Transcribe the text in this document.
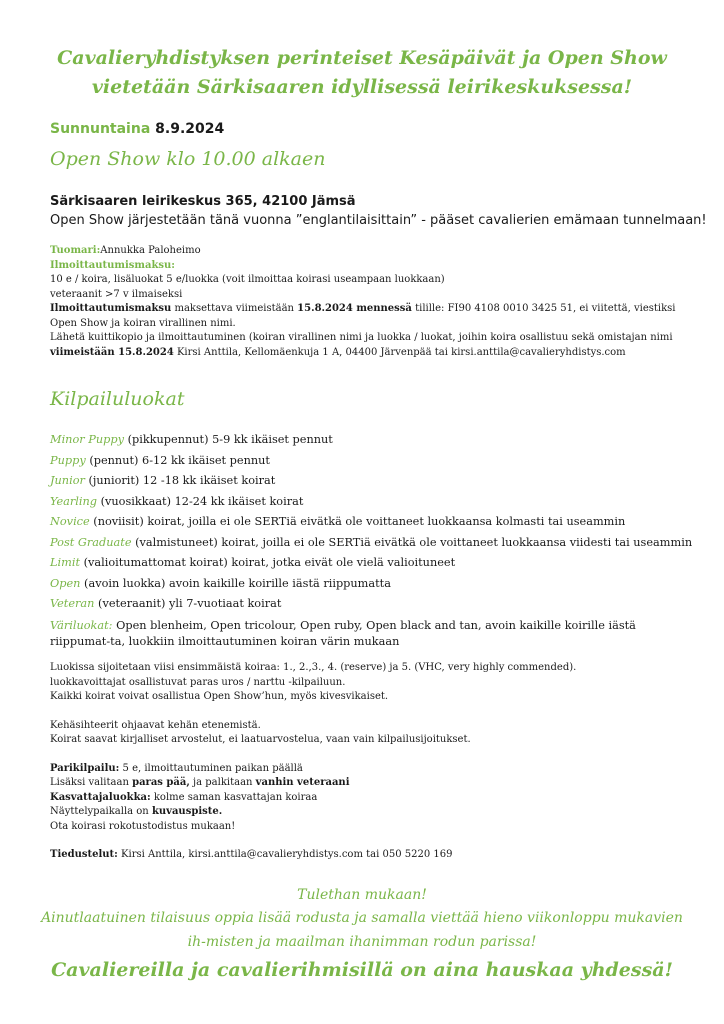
Cavalieryhdistyksen perinteiset Kesäpäivät ja Open Show
vietetään Särkisaaren idyllisessä leirikeskuksessa!
Sunnuntaina 8.9.2024
Open Show klo 10.00 alkaen
Särkisaaren leirikeskus 365, 42100 Jämsä
Open Show järjestetään tänä vuonna ”englantilaisittain” - pääset cavalierien emämaan tunnelmaan!
Tuomari:Annukka Paloheimo
Ilmoittautumismaksu:
10 e / koira, lisäluokat 5 e/luokka (voit ilmoittaa koirasi useampaan luokkaan)
veteraanit >7 v ilmaiseksi
Ilmoittautumismaksu maksettava viimeistään 15.8.2024 mennessä tilille: FI90 4108 0010 3425 51, ei viitettä, viestiksi
Open Show ja koiran virallinen nimi.
Lähetä kuittikopio ja ilmoittautuminen (koiran virallinen nimi ja luokka / luokat, joihin koira osallistuu sekä omistajan nimi
viimeistään 15.8.2024 Kirsi Anttila, Kellomäenkuja 1 A, 04400 Järvenpää tai kirsi.anttila@cavalieryhdistys.com
Kilpailuluokat
Minor Puppy (pikkupennut) 5-9 kk ikäiset pennut
Puppy (pennut) 6-12 kk ikäiset pennut
Junior (juniorit) 12 -18 kk ikäiset koirat
Yearling (vuosikkaat) 12-24 kk ikäiset koirat
Novice (noviisit) koirat, joilla ei ole SERTiä eivätkä ole voittaneet luokkaansa kolmasti tai useammin
Post Graduate (valmistuneet) koirat, joilla ei ole SERTiä eivätkä ole voittaneet luokkaansa viidesti tai useammin
Limit (valioitumattomat koirat) koirat, jotka eivät ole vielä valioituneet
Open (avoin luokka) avoin kaikille koirille iästä riippumatta
Veteran (veteraanit) yli 7-vuotiaat koirat
Väriluokat: Open blenheim, Open tricolour, Open ruby, Open black and tan, avoin kaikille koirille iästä riippumat-ta, luokkiin ilmoittautuminen koiran värin mukaan
Luokissa sijoitetaan viisi ensimmäistä koiraa: 1., 2.,3., 4. (reserve) ja 5. (VHC, very highly commended).
luokkavoittajat osallistuvat paras uros / narttu -kilpailuun.
Kaikki koirat voivat osallistua Open Show’hun, myös kivesvikaiset.
Kehäsihteerit ohjaavat kehän etenemistä.
Koirat saavat kirjalliset arvostelut, ei laatuarvostelua, vaan vain kilpailusijoitukset.
Parikilpailu: 5 e, ilmoittautuminen paikan päällä
Lisäksi valitaan paras pää, ja palkitaan vanhin veteraani
Kasvattajaluokka: kolme saman kasvattajan koiraa
Näyttelypaikalla on kuvauspiste.
Ota koirasi rokotustodistus mukaan!
Tiedustelut: Kirsi Anttila, kirsi.anttila@cavalieryhdistys.com tai 050 5220 169
Tulethan mukaan!
Ainutlaatuinen tilaisuus oppia lisää rodusta ja samalla viettää hieno viikonloppu mukavien ih-misten ja maailman ihanimman rodun parissa!
Cavaliereilla ja cavalierihmisillä on aina hauskaa yhdessä!
